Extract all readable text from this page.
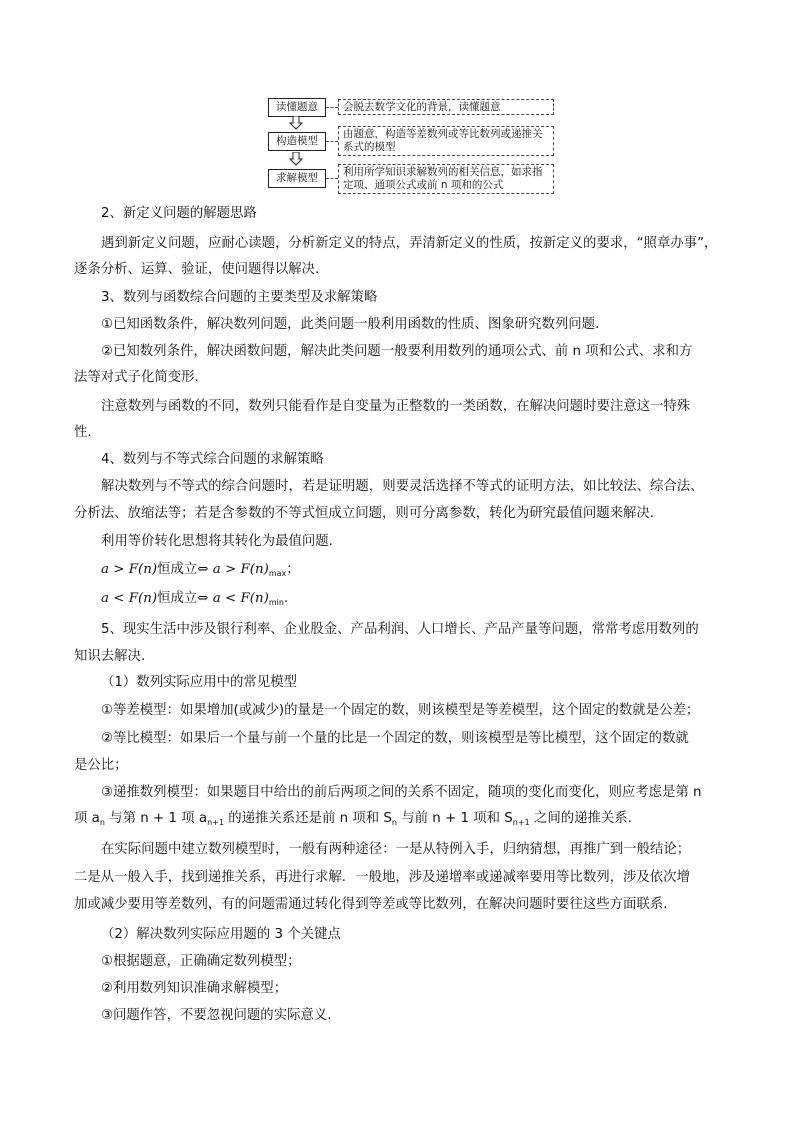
读懂题意	会脱去数学文化的背景，读懂题意
构造模型
由题意，构造等差数列或等比数列或递推关系式的模型
求解模型	利用所学知识求解数列的相关信息，如求指定项、通项公式或前 n 项和的公式
2、新定义问题的解题思路
遇到新定义问题，应耐心读题，分析新定义的特点，弄清新定义的性质，按新定义的要求，“照章办事”，
逐条分析、运算、验证，使问题得以解决.
3、数列与函数综合问题的主要类型及求解策略
①已知函数条件，解决数列问题，此类问题一般利用函数的性质、图象研究数列问题.
②已知数列条件，解决函数问题，解决此类问题一般要利用数列的通项公式、前 n 项和公式、求和方
法等对式子化简变形.
注意数列与函数的不同，数列只能看作是自变量为正整数的一类函数，在解决问题时要注意这一特殊
性.
4、数列与不等式综合问题的求解策略
解决数列与不等式的综合问题时，若是证明题，则要灵活选择不等式的证明方法，如比较法、综合法、
分析法、放缩法等；若是含参数的不等式恒成立问题，则可分离参数，转化为研究最值问题来解决.
利用等价转化思想将其转化为最值问题.
a > F(n)恒成立⇔ $a > F(n)_{max}$；
a < F(n)恒成立⇔ $a < F(n)_{min}$.
5、现实生活中涉及银行利率、企业股金、产品利润、人口增长、产品产量等问题，常常考虑用数列的
知识去解决.
（1）数列实际应用中的常见模型
①等差模型：如果增加(或减少)的量是一个固定的数，则该模型是等差模型，这个固定的数就是公差；
②等比模型：如果后一个量与前一个量的比是一个固定的数，则该模型是等比模型，这个固定的数就
是公比；
③递推数列模型：如果题目中给出的前后两项之间的关系不固定，随项的变化而变化，则应考虑是第 n
项 $a_n$ 与第 n + 1 项 $a_{n+1}$ 的递推关系还是前 n 项和 $S_n$ 与前 n + 1 项和 $S_{n+1}$ 之间的递推关系.
在实际问题中建立数列模型时，一般有两种途径：一是从特例入手，归纳猜想，再推广到一般结论；
二是从一般入手，找到递推关系，再进行求解．一般地，涉及递增率或递减率要用等比数列，涉及依次增
加或减少要用等差数列，有的问题需通过转化得到等差或等比数列，在解决问题时要往这些方面联系.
（2）解决数列实际应用题的 3 个关键点
①根据题意，正确确定数列模型；
②利用数列知识准确求解模型；
③问题作答，不要忽视问题的实际意义.
